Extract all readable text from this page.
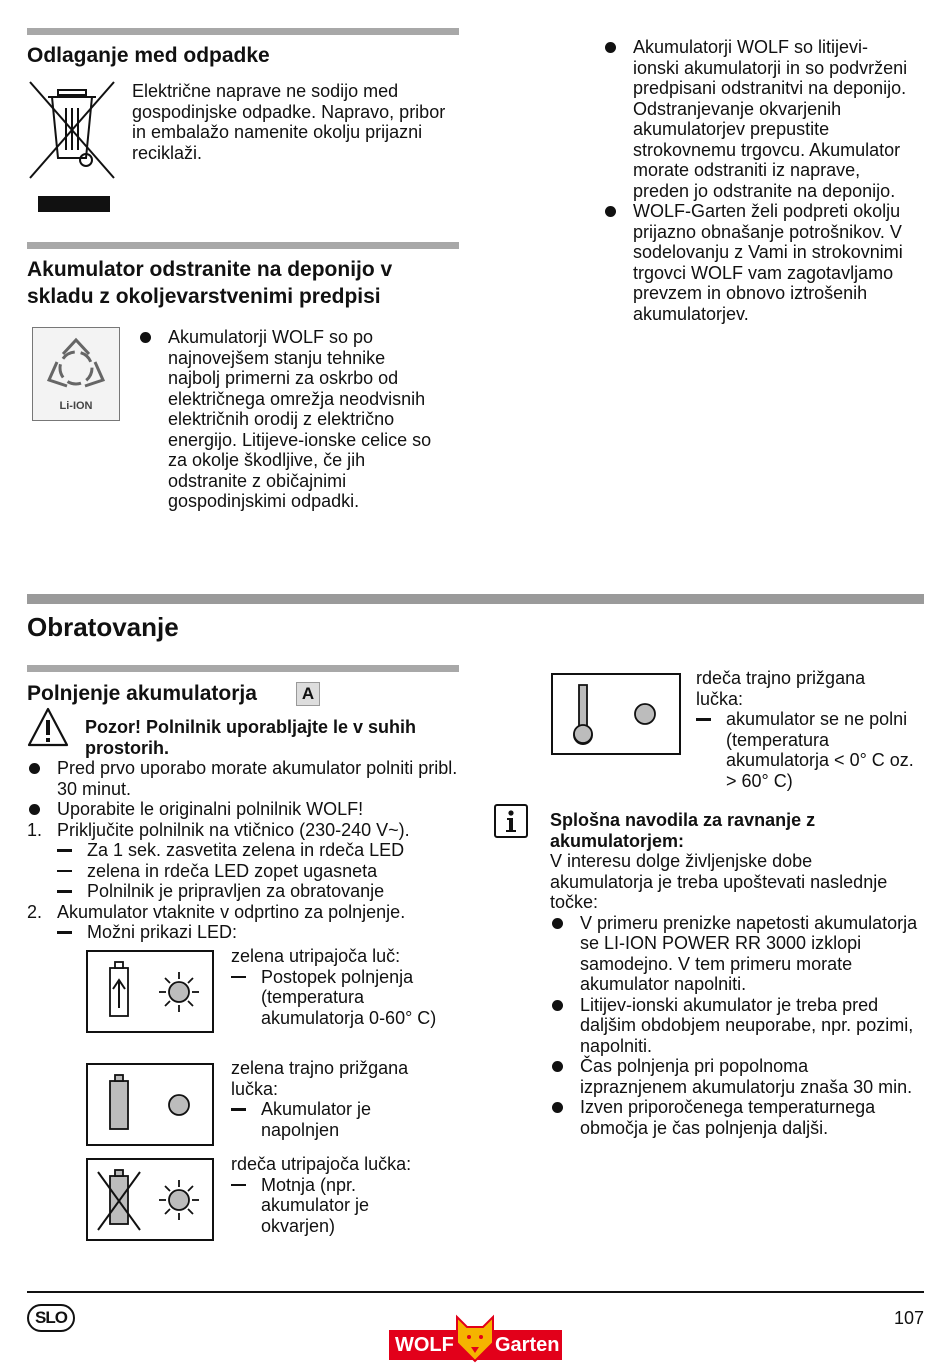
Odlaganje med odpadke
Električne naprave ne sodijo med gospodinjske odpadke. Napravo, pribor in embalažo namenite okolju prijazni reciklaži.
Akumulator odstranite na deponijo v
skladu z okoljevarstvenimi predpisi
Li-ION
Akumulatorji WOLF so po najnovejšem stanju tehnike najbolj primerni za oskrbo od električnega omrežja neodvisnih električnih orodij z električno energijo. Litijeve-ionske celice so za okolje škodljive, če jih odstranite z običajnimi gospodinjskimi odpadki.
Akumulatorji WOLF so litijevi-ionski akumulatorji in so podvrženi predpisani odstranitvi na deponijo. Odstranjevanje okvarjenih akumulatorjev prepustite strokovnemu trgovcu. Akumulator morate odstraniti iz naprave, preden jo odstranite na deponijo.
WOLF-Garten želi podpreti okolju prijazno obnašanje potrošnikov. V sodelovanju z Vami in strokovnimi trgovci WOLF vam zagotavljamo prevzem in obnovo iztrošenih akumulatorjev.
Obratovanje
Polnjenje akumulatorja	A
Pozor! Polnilnik uporabljajte le v suhih
prostorih.
Pred prvo uporabo morate akumulator polniti pribl. 30 minut.
Uporabite le originalni polnilnik WOLF!
1. Priključite polnilnik na vtičnico (230-240 V~).
Za 1 sek. zasvetita zelena in rdeča LED
zelena in rdeča LED zopet ugasneta
Polnilnik je pripravljen za obratovanje
2. Akumulator vtaknite v odprtino za polnjenje.
Možni prikazi LED:
zelena utripajoča luč:
Postopek polnjenja (temperatura akumulatorja 0-60° C)
zelena trajno prižgana lučka:
Akumulator je napolnjen
rdeča utripajoča lučka:
Motnja (npr. akumulator je okvarjen)
rdeča trajno prižgana lučka:
akumulator se ne polni (temperatura akumulatorja < 0° C oz. > 60° C)
Splošna navodila za ravnanje z akumulatorjem:
V interesu dolge življenjske dobe akumulatorja je treba upoštevati naslednje točke:
V primeru prenizke napetosti akumulatorja se LI-ION POWER RR 3000 izklopi samodejno. V tem primeru morate akumulator napolniti.
Litijev-ionski akumulator je treba pred daljšim obdobjem neuporabe, npr. pozimi, napolniti.
Čas polnjenja pri popolnoma izpraznjenem akumulatorju znaša 30 min.
Izven priporočenega temperaturnega območja je čas polnjenja daljši.
SLO	107
WOLF Garten
